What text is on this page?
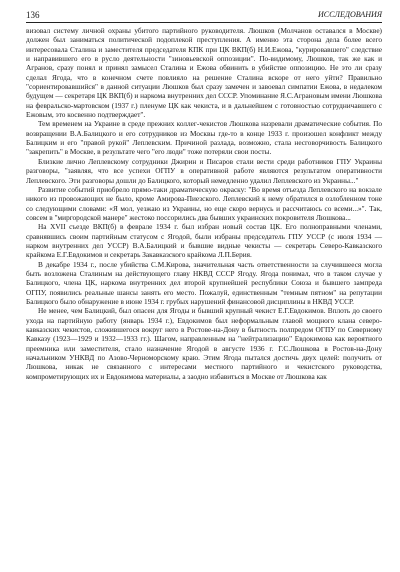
136	ИССЛЕДОВАНИЯ

визовал систему личной охраны убитого партийного руководителя. Люшков (Молчанов оставался в Москве) должен был заниматься политической подоплекой преступления. А именно эта сторона дела более всего интересовала Сталина и заместителя председателя КПК при ЦК ВКП(б) Н.И.Ежова, "курировавшего" следствие и направившего его в русло деятельности "зиновьевской оппозиции". По-видимому, Люшков, так же как и Агранов, сразу понял и принял замысел Сталина и Ежова обвинить в убийстве оппозицию. Не это ли сразу сделал Ягода, что в конечном счете повлияло на решение Сталина вскоре от него уйти? Правильно "сориентировавшийся" в данной ситуации Люшков был сразу замечен и завоевал симпатии Ежова, в недалеком будущем — секретаря ЦК ВКП(б) и наркома внутренних дел СССР. Упоминание Я.С.Аграновым имени Люшкова на февральско-мартовском (1937 г.) пленуме ЦК как чекиста, и в дальнейшем с готовностью сотрудничавшего с Ежовым, это косвенно подтверждает".

Тем временем на Украине в среде прежних коллег-чекистов Люшкова назревали драматические события. По возвращении В.А.Балицкого и его сотрудников из Москвы где-то в конце 1933 г. произошел конфликт между Балицким и его "правой рукой" Леплевским. Причиной разлада, возможно, стала несговорчивость Балицкого "закрепить" в Москве, в результате чего "его люди" тоже потеряли свои посты.

Близкие лично Леплевскому сотрудники Джирин и Писаров стали вести среди работников ГПУ Украины разговоры, "заявляя, что все успехи ОГПУ в оперативной работе являются результатом оперативности Леплевского. Эти разговоры дошли до Балицкого, который немедленно удалил Леплевского из Украины..."

Развитие событий приобрело прямо-таки драматическую окраску: "Во время отъезда Леплевского на вокзале никого из провожающих не было, кроме Амирова-Пиезского. Леплевский к нему обратился в озлобленном тоне со следующими словами: «Я мол, уезжаю из Украины, но еще скоро вернусь и рассчитаюсь со всеми...»". Так, совсем в "миргородской манере" жестоко поссорились два бывших украинских покровителя Люшкова...

На XVII съезде ВКП(б) в феврале 1934 г. был избран новый состав ЦК. Его полноправными членами, сравнявшись своим партийным статусом с Ягодой, были избраны председатель ГПУ УССР (с июля 1934 — нарком внутренних дел УССР) В.А.Балицкий и бывшие видные чекисты — секретарь Северо-Кавказского крайкома Е.Г.Евдокимов и секретарь Закавказского крайкома Л.П.Берия.

В декабре 1934 г., после убийства С.М.Кирова, значительная часть ответственности за случившееся могла быть возложена Сталиным на действующего главу НКВД СССР Ягоду. Ягода понимал, что в таком случае у Балицкого, члена ЦК, наркома внутренних дел второй крупнейшей республики Союза и бывшего зампреда ОГПУ, появились реальные шансы занять его место. Пожалуй, единственным "темным пятном" на репутации Балицкого было обнаружение в июне 1934 г. грубых нарушений финансовой дисциплины в НКВД УССР.

Не менее, чем Балицкий, был опасен для Ягоды и бывший крупный чекист Е.Г.Евдокимов. Вплоть до своего ухода на партийную работу (январь 1934 г.), Евдокимов был неформальным главой мощного клана северо-кавказских чекистов, сложившегося вокруг него в Ростове-на-Дону в бытность полпредом ОГПУ по Северному Кавказу (1923—1929 и 1932—1933 гг.). Шагом, направленным на "нейтрализацию" Евдокимова как вероятного преемника или заместителя, стало назначение Ягодой в августе 1936 г. Г.С.Люшкова в Ростов-на-Дону начальником УНКВД по Азово-Черноморскому краю. Этим Ягода пытался достичь двух целей: получить от Люшкова, никак не связанного с интересами местного партийного и чекистского руководства, компрометирующих их и Евдокимова материалы, а заодно избавиться в Москве от Люшкова как
